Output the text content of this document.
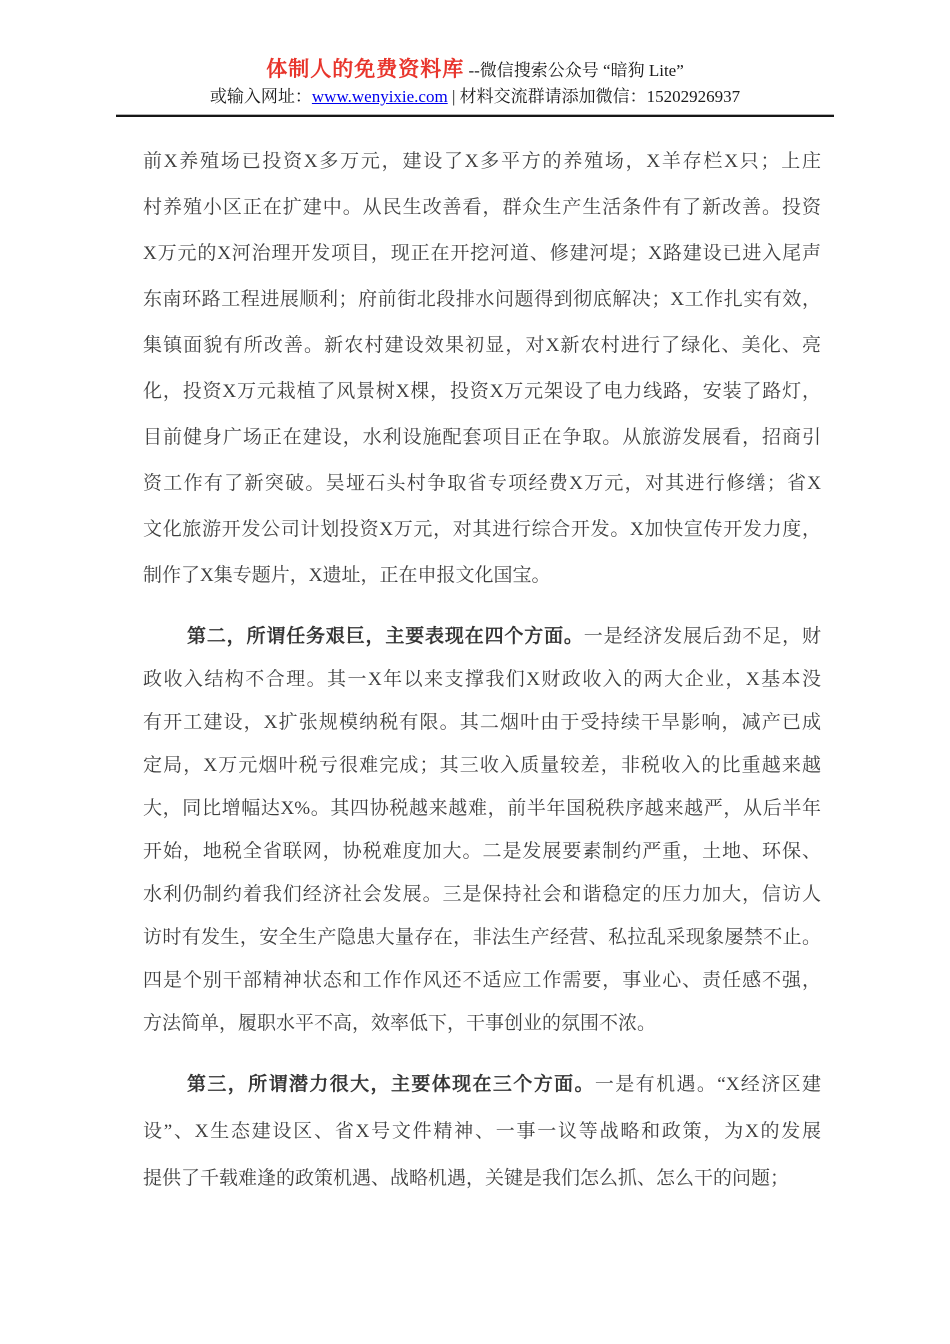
体制人的免费资料库 --微信搜索公众号 “暗狗 Lite”
或输入网址：www.wenyixie.com | 材料交流群请添加微信：15202926937
前X养殖场已投资X多万元，建设了X多平方的养殖场，X羊存栏X只；上庄
村养殖小区正在扩建中。从民生改善看，群众生产生活条件有了新改善。投资
X万元的X河治理开发项目，现正在开挖河道、修建河堤；X路建设已进入尾声
东南环路工程进展顺利；府前街北段排水问题得到彻底解决；X工作扎实有效，
集镇面貌有所改善。新农村建设效果初显，对X新农村进行了绿化、美化、亮
化，投资X万元栽植了风景树X棵，投资X万元架设了电力线路，安装了路灯，
目前健身广场正在建设，水利设施配套项目正在争取。从旅游发展看，招商引
资工作有了新突破。吴垭石头村争取省专项经费X万元，对其进行修缮；省X
文化旅游开发公司计划投资X万元，对其进行综合开发。X加快宣传开发力度，
制作了X集专题片，X遗址，正在申报文化国宝。
第二，所谓任务艰巨，主要表现在四个方面。一是经济发展后劲不足，财
政收入结构不合理。其一X年以来支撑我们X财政收入的两大企业，X基本没
有开工建设，X扩张规模纳税有限。其二烟叶由于受持续干旱影响，减产已成
定局，X万元烟叶税亏很难完成；其三收入质量较差，非税收入的比重越来越
大，同比增幅达X%。其四协税越来越难，前半年国税秩序越来越严，从后半年
开始，地税全省联网，协税难度加大。二是发展要素制约严重，土地、环保、
水利仍制约着我们经济社会发展。三是保持社会和谐稳定的压力加大，信访人
访时有发生，安全生产隐患大量存在，非法生产经营、私拉乱采现象屡禁不止。
四是个别干部精神状态和工作作风还不适应工作需要，事业心、责任感不强，
方法简单，履职水平不高，效率低下，干事创业的氛围不浓。
第三，所谓潜力很大，主要体现在三个方面。一是有机遇。“X经济区建
设”、X生态建设区、省X号文件精神、一事一议等战略和政策，为X的发展
提供了千载难逢的政策机遇、战略机遇，关键是我们怎么抓、怎么干的问题；
